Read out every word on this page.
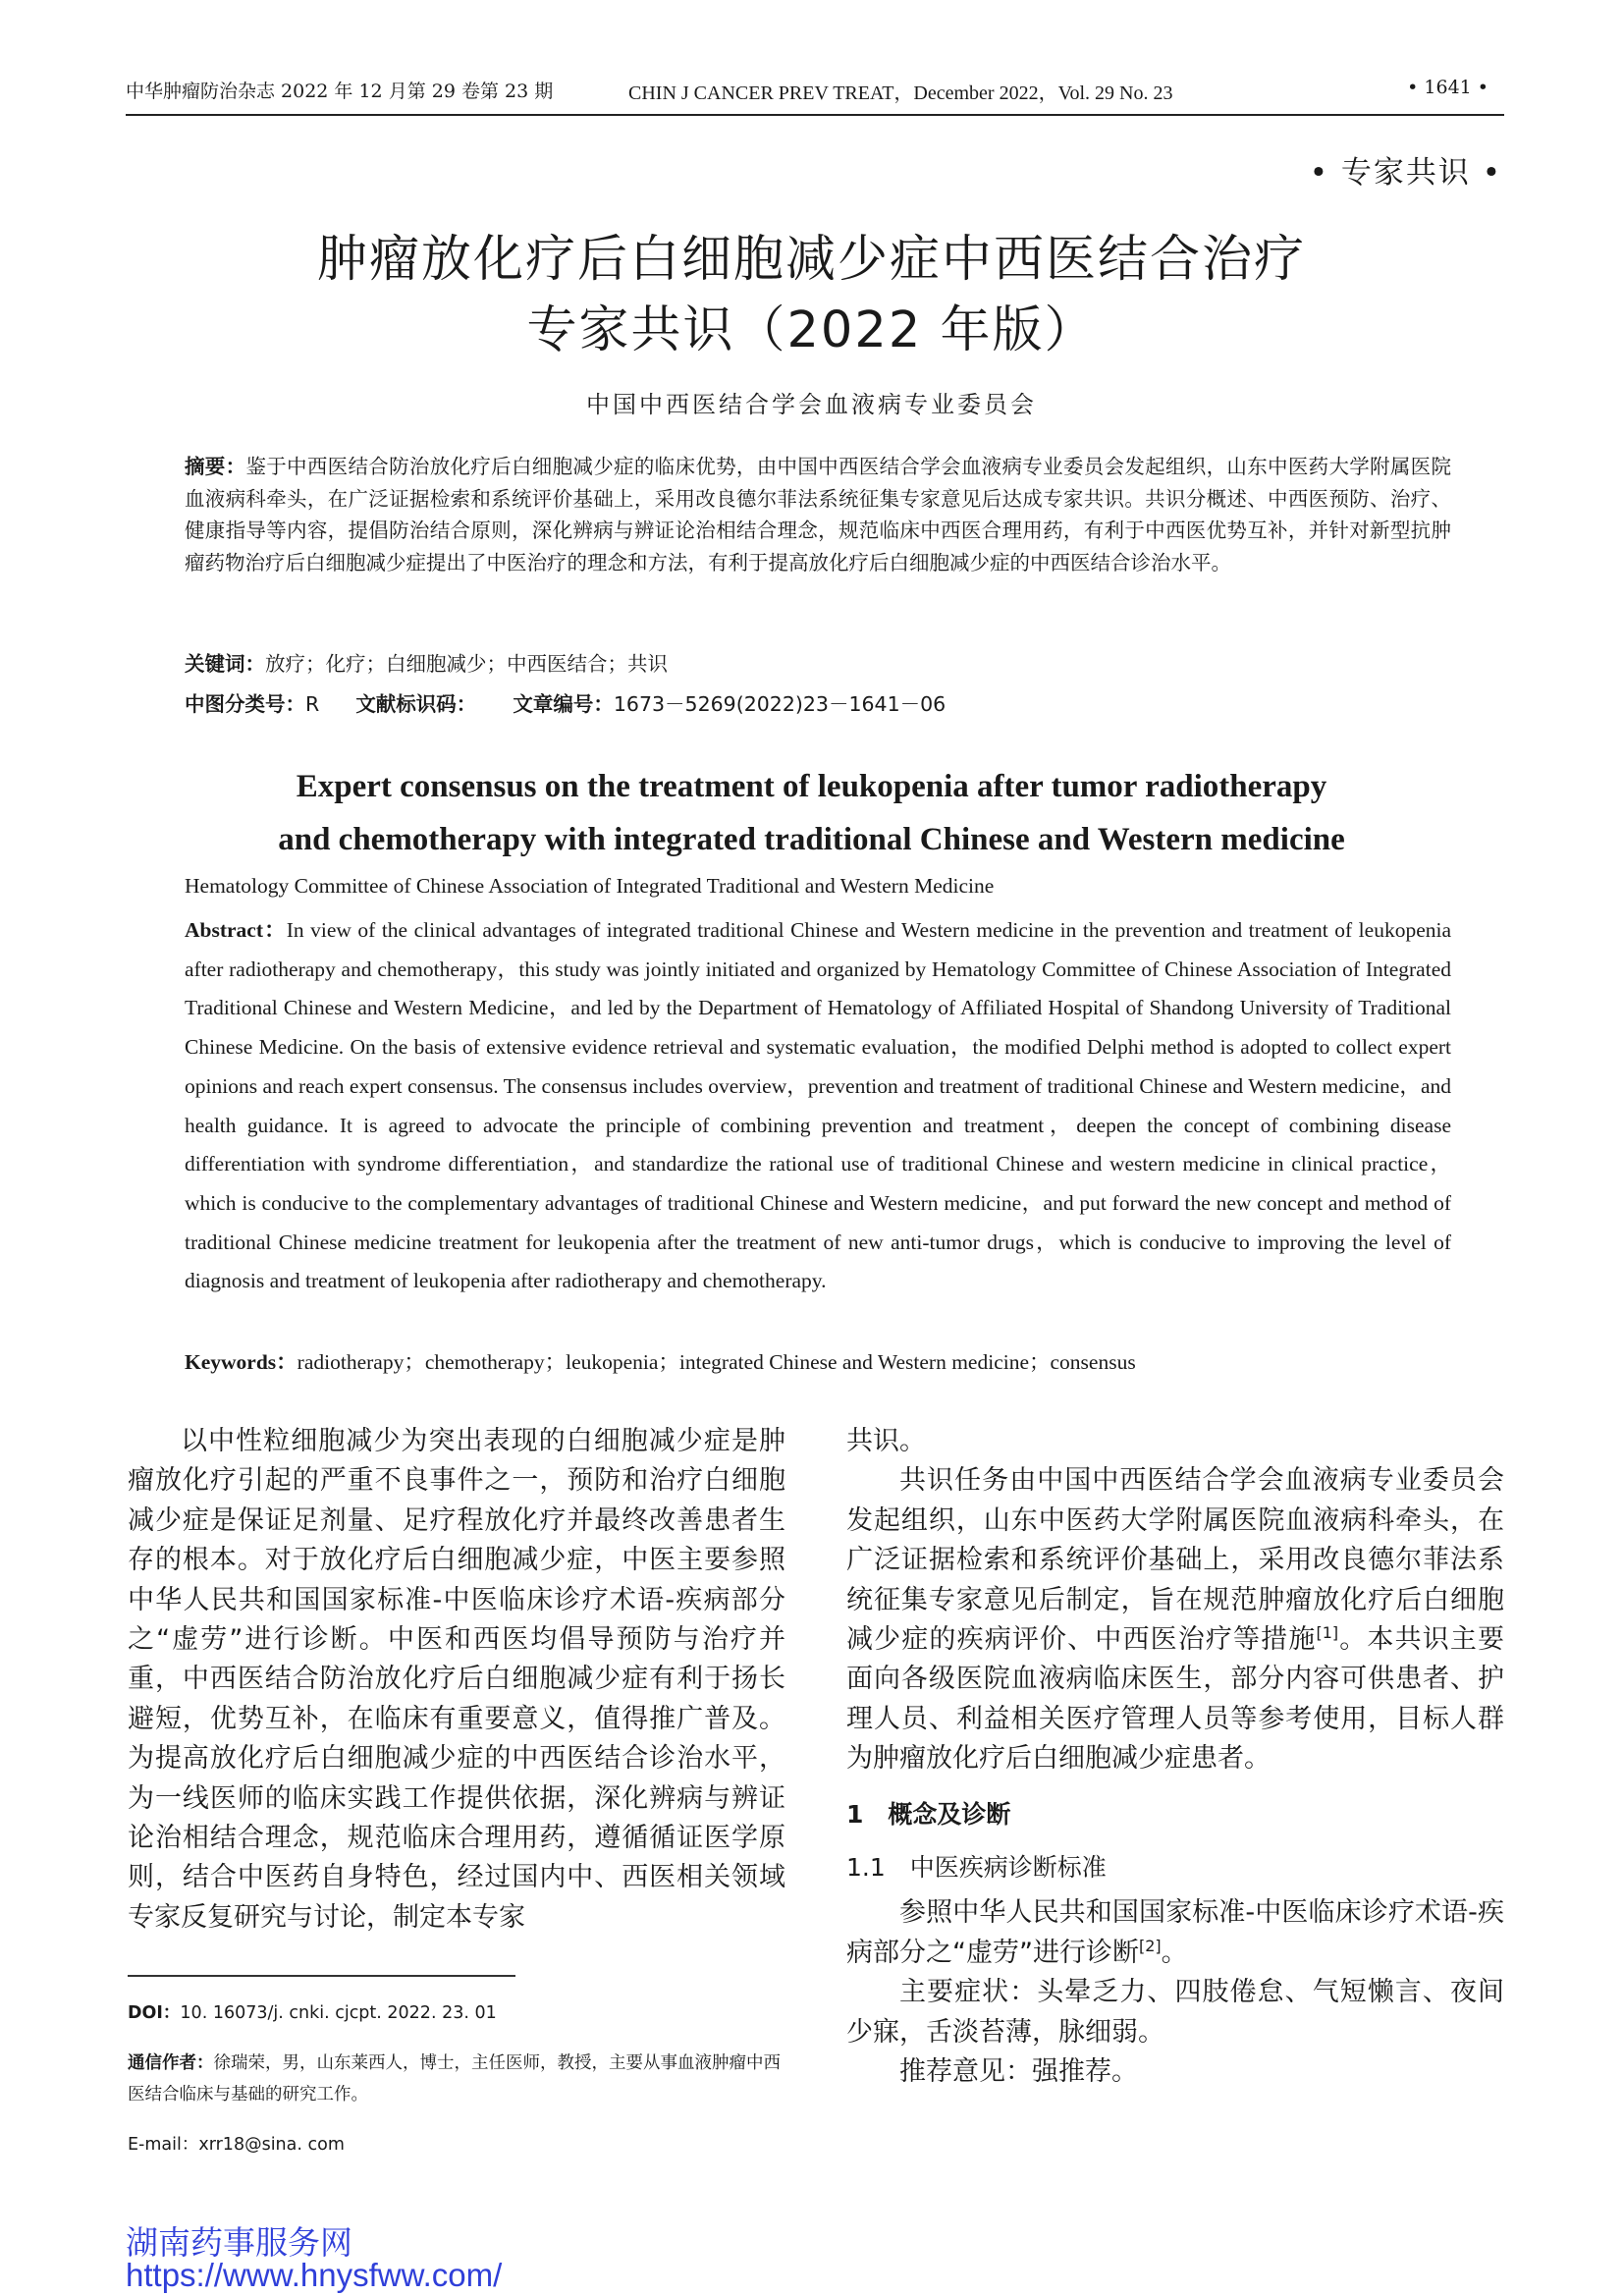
中华肿瘤防治杂志 2022 年 12 月第 29 卷第 23 期	CHIN J CANCER PREV TREAT，December 2022，Vol. 29 No. 23	• 1641 •
• 专家共识 •
肿瘤放化疗后白细胞减少症中西医结合治疗
专家共识（2022 年版）
中国中西医结合学会血液病专业委员会
摘要：鉴于中西医结合防治放化疗后白细胞减少症的临床优势，由中国中西医结合学会血液病专业委员会发起组织，山东中医药大学附属医院血液病科牵头，在广泛证据检索和系统评价基础上，采用改良德尔菲法系统征集专家意见后达成专家共识。共识分概述、中西医预防、治疗、健康指导等内容，提倡防治结合原则，深化辨病与辨证论治相结合理念，规范临床中西医合理用药，有利于中西医优势互补，并针对新型抗肿瘤药物治疗后白细胞减少症提出了中医治疗的理念和方法，有利于提高放化疗后白细胞减少症的中西医结合诊治水平。
关键词：放疗；化疗；白细胞减少；中西医结合；共识
中图分类号：R 文献标识码： 文章编号：1673－5269(2022)23－1641－06
Expert consensus on the treatment of leukopenia after tumor radiotherapy
and chemotherapy with integrated traditional Chinese and Western medicine
Hematology Committee of Chinese Association of Integrated Traditional and Western Medicine
Abstract：In view of the clinical advantages of integrated traditional Chinese and Western medicine in the prevention and treatment of leukopenia after radiotherapy and chemotherapy，this study was jointly initiated and organized by Hematology Committee of Chinese Association of Integrated Traditional Chinese and Western Medicine，and led by the Department of Hematology of Affiliated Hospital of Shandong University of Traditional Chinese Medicine. On the basis of extensive evidence retrieval and systematic evaluation，the modified Delphi method is adopted to collect expert opinions and reach expert consensus. The consensus includes overview，prevention and treatment of traditional Chinese and Western medicine，and health guidance. It is agreed to advocate the principle of combining prevention and treatment，deepen the concept of combining disease differentiation with syndrome differentiation，and standardize the rational use of traditional Chinese and western medicine in clinical practice，which is conducive to the complementary advantages of traditional Chinese and Western medicine，and put forward the new concept and method of traditional Chinese medicine treatment for leukopenia after the treatment of new anti-tumor drugs，which is conducive to improving the level of diagnosis and treatment of leukopenia after radiotherapy and chemotherapy.
Keywords：radiotherapy；chemotherapy；leukopenia；integrated Chinese and Western medicine；consensus

以中性粒细胞减少为突出表现的白细胞减少症是肿瘤放化疗引起的严重不良事件之一，预防和治疗白细胞减少症是保证足剂量、足疗程放化疗并最终改善患者生存的根本。对于放化疗后白细胞减少症，中医主要参照中华人民共和国国家标准-中医临床诊疗术语-疾病部分之“虚劳”进行诊断。中医和西医均倡导预防与治疗并重，中西医结合防治放化疗后白细胞减少症有利于扬长避短，优势互补，在临床有重要意义，值得推广普及。为提高放化疗后白细胞减少症的中西医结合诊治水平，为一线医师的临床实践工作提供依据，深化辨病与辨证论治相结合理念，规范临床合理用药，遵循循证医学原则，结合中医药自身特色，经过国内中、西医相关领域专家反复研究与讨论，制定本专家

共识。

共识任务由中国中西医结合学会血液病专业委员会发起组织，山东中医药大学附属医院血液病科牵头，在广泛证据检索和系统评价基础上，采用改良德尔菲法系统征集专家意见后制定，旨在规范肿瘤放化疗后白细胞减少症的疾病评价、中西医治疗等措施[1]。本共识主要面向各级医院血液病临床医生，部分内容可供患者、护理人员、利益相关医疗管理人员等参考使用，目标人群为肿瘤放化疗后白细胞减少症患者。

1　概念及诊断
1.1　中医疾病诊断标准

参照中华人民共和国国家标准-中医临床诊疗术语-疾病部分之“虚劳”进行诊断[2]。

主要症状：头晕乏力、四肢倦怠、气短懒言、夜间少寐，舌淡苔薄，脉细弱。

推荐意见：强推荐。

DOI：10. 16073/j. cnki. cjcpt. 2022. 23. 01
通信作者：徐瑞荣，男，山东莱西人，博士，主任医师，教授，主要从事血液肿瘤中西医结合临床与基础的研究工作。
E-mail：xrr18@sina. com
湖南药事服务网
https://www.hnysfww.com/
